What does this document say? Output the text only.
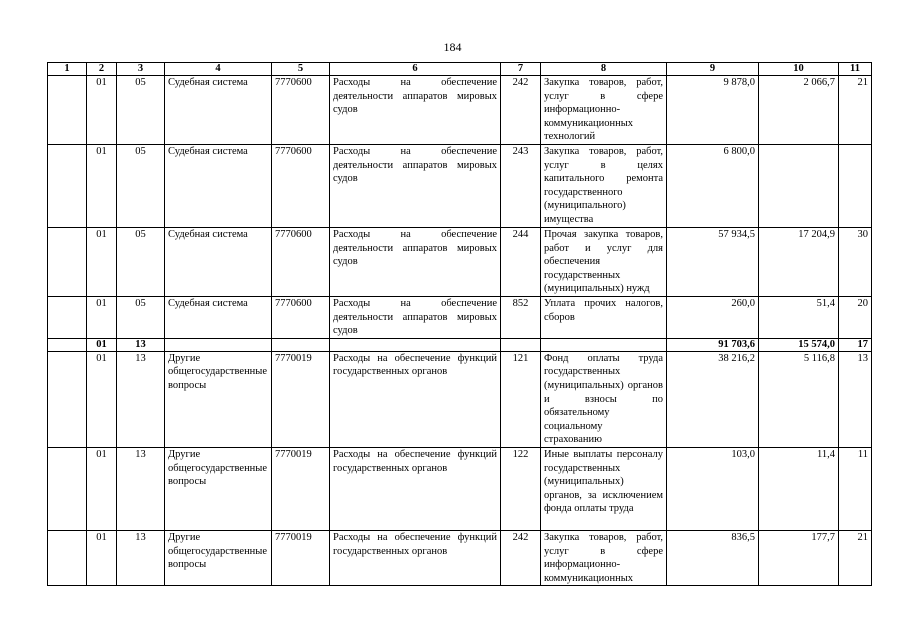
184
1	2	3	4	5	6	7	8	9	10	11
	01	05	Судебная система	7770600	Расходы на обеспечение деятельности аппаратов мировых судов	242	Закупка товаров, работ, услуг в сфере информационно-коммуникационных технологий	9 878,0	2 066,7	21
	01	05	Судебная система	7770600	Расходы на обеспечение деятельности аппаратов мировых судов	243	Закупка товаров, работ, услуг в целях капитального ремонта государственного (муниципального) имущества	6 800,0		
	01	05	Судебная система	7770600	Расходы на обеспечение деятельности аппаратов мировых судов	244	Прочая закупка товаров, работ и услуг для обеспечения государственных (муниципальных) нужд	57 934,5	17 204,9	30
	01	05	Судебная система	7770600	Расходы на обеспечение деятельности аппаратов мировых судов	852	Уплата прочих налогов, сборов	260,0	51,4	20
	01	13						91 703,6	15 574,0	17
	01	13	Другие общегосударственные вопросы	7770019	Расходы на обеспечение функций государственных органов	121	Фонд оплаты труда государственных (муниципальных) органов и взносы по обязательному социальному страхованию	38 216,2	5 116,8	13
	01	13	Другие общегосударственные вопросы	7770019	Расходы на обеспечение функций государственных органов	122	Иные выплаты персоналу государственных (муниципальных) органов, за исключением фонда оплаты труда	103,0	11,4	11
	01	13	Другие общегосударственные вопросы	7770019	Расходы на обеспечение функций государственных органов	242	Закупка товаров, работ, услуг в сфере информационно-коммуникационных	836,5	177,7	21
